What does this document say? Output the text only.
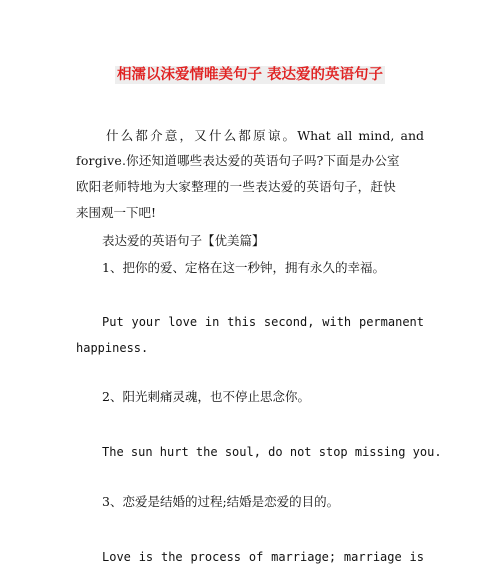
相濡以沫爱情唯美句子 表达爱的英语句子
什么都介意，又什么都原谅。What all mind, and
forgive.你还知道哪些表达爱的英语句子吗?下面是办公室
欧阳老师特地为大家整理的一些表达爱的英语句子，赶快
来围观一下吧!
表达爱的英语句子【优美篇】
1、把你的爱、定格在这一秒钟，拥有永久的幸福。
Put your love in this second, with permanent
happiness.
2、阳光刺痛灵魂，也不停止思念你。
The sun hurt the soul, do not stop missing you.
3、恋爱是结婚的过程;结婚是恋爱的目的。
Love is the process of marriage; marriage is
